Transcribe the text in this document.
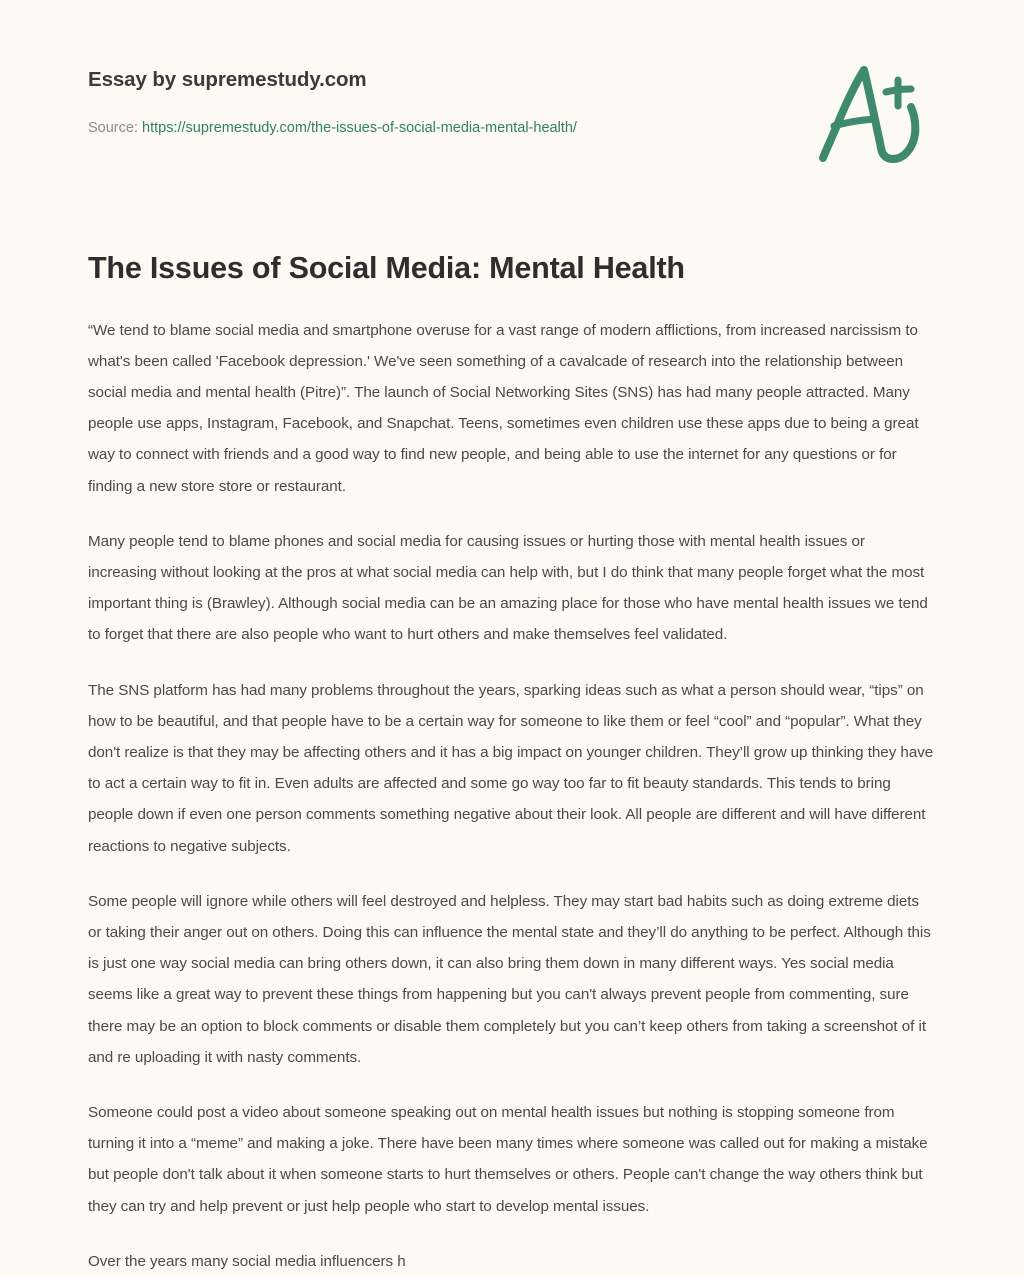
Essay by supremestudy.com
Source: https://supremestudy.com/the-issues-of-social-media-mental-health/
The Issues of Social Media: Mental Health

“We tend to blame social media and smartphone overuse for a vast range of modern afflictions, from increased narcissism to what's been called 'Facebook depression.' We've seen something of a cavalcade of research into the relationship between social media and mental health (Pitre)”. The launch of Social Networking Sites (SNS) has had many people attracted. Many people use apps, Instagram, Facebook, and Snapchat. Teens, sometimes even children use these apps due to being a great way to connect with friends and a good way to find new people, and being able to use the internet for any questions or for finding a new store store or restaurant.

Many people tend to blame phones and social media for causing issues or hurting those with mental health issues or increasing without looking at the pros at what social media can help with, but I do think that many people forget what the most important thing is (Brawley). Although social media can be an amazing place for those who have mental health issues we tend to forget that there are also people who want to hurt others and make themselves feel validated.

The SNS platform has had many problems throughout the years, sparking ideas such as what a person should wear, “tips” on how to be beautiful, and that people have to be a certain way for someone to like them or feel “cool” and “popular”. What they don't realize is that they may be affecting others and it has a big impact on younger children. They’ll grow up thinking they have to act a certain way to fit in. Even adults are affected and some go way too far to fit beauty standards. This tends to bring people down if even one person comments something negative about their look. All people are different and will have different reactions to negative subjects.

Some people will ignore while others will feel destroyed and helpless. They may start bad habits such as doing extreme diets or taking their anger out on others. Doing this can influence the mental state and they’ll do anything to be perfect. Although this is just one way social media can bring others down, it can also bring them down in many different ways. Yes social media seems like a great way to prevent these things from happening but you can't always prevent people from commenting, sure there may be an option to block comments or disable them completely but you can’t keep others from taking a screenshot of it and re uploading it with nasty comments.

Someone could post a video about someone speaking out on mental health issues but nothing is stopping someone from turning it into a “meme” and making a joke. There have been many times where someone was called out for making a mistake but people don't talk about it when someone starts to hurt themselves or others. People can't change the way others think but they can try and help prevent or just help people who start to develop mental issues.

Over the years many social media influencers h
